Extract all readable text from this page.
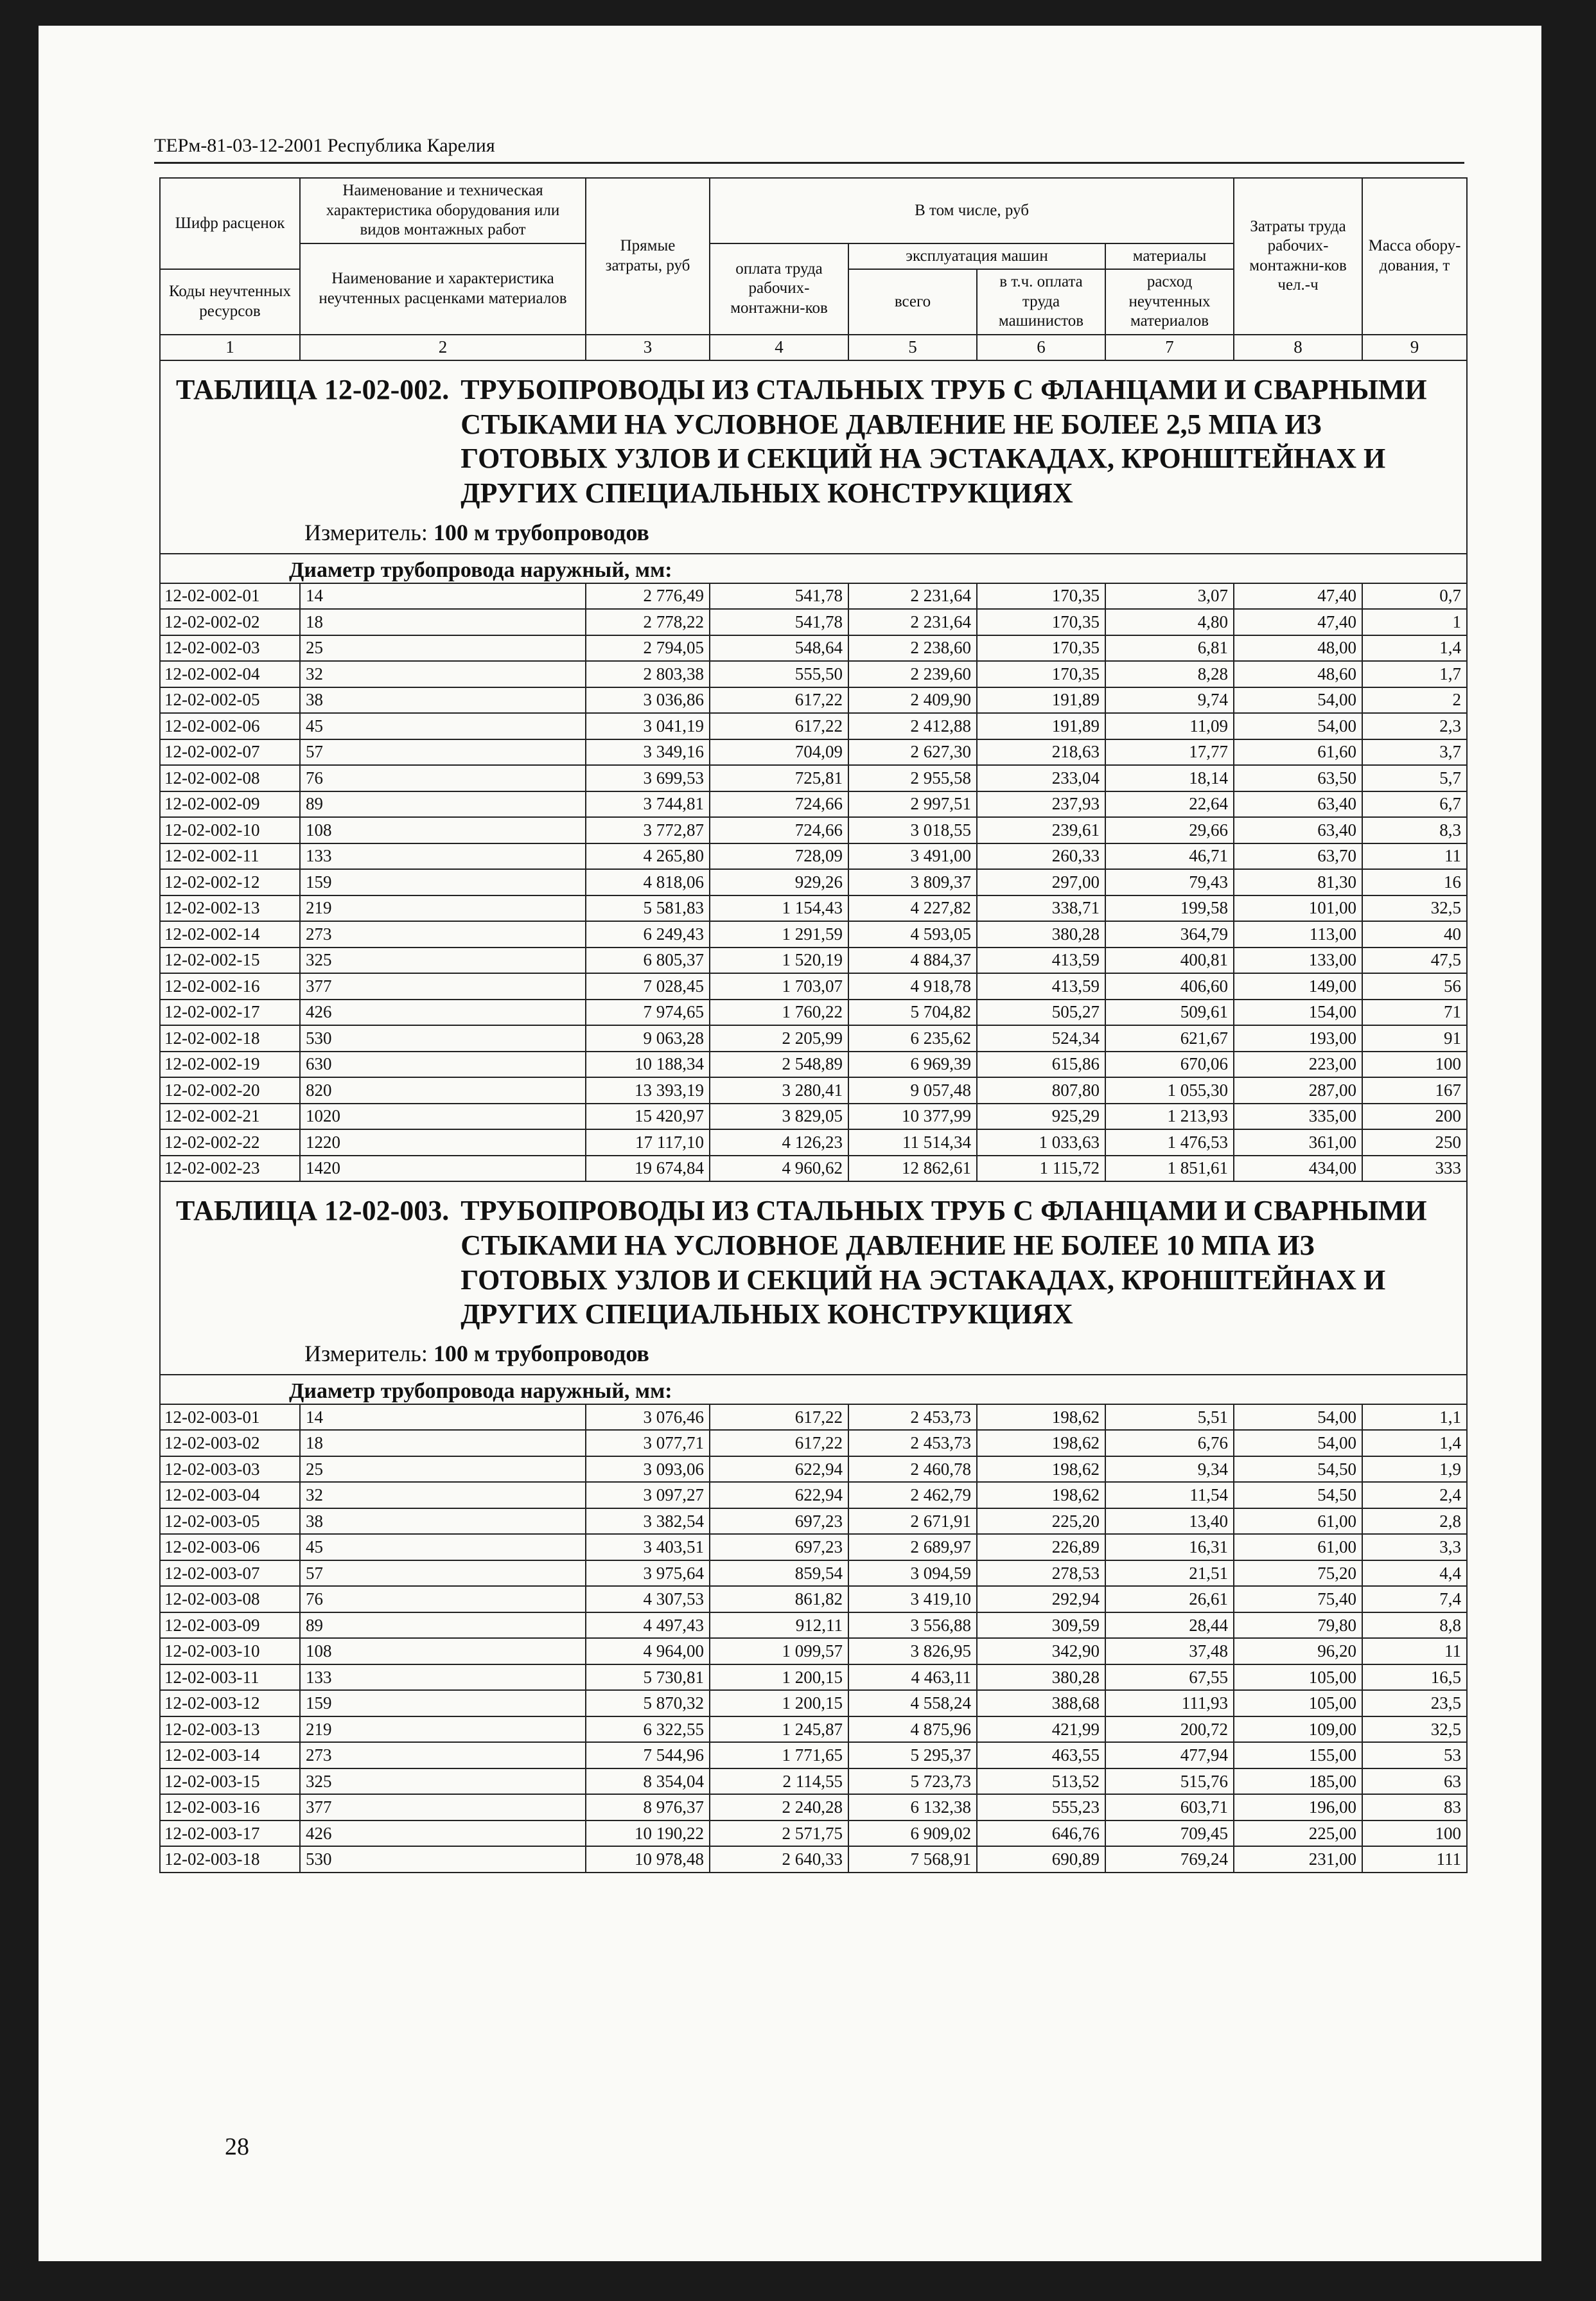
ТЕРм-81-03-12-2001 Республика Карелия
Шифр расценок	Наименование и техническая характеристика оборудования или видов монтажных работ	Прямые затраты, руб	В том числе, руб				Затраты труда рабочих-монтажни-ков чел.-ч	Масса обору-дования, т	
	Наименование и характеристика неучтенных расценками материалов		оплата труда рабочих-монтажни-ков	эксплуатация машин		материалы			
Коды неучтенных ресурсов				всего	в т.ч. оплата труда машинистов	расход неучтенных материалов			

1	2	3	4	5	6	7	8	9	

ТАБЛИЦА 12-02-002. ТРУБОПРОВОДЫ ИЗ СТАЛЬНЫХ ТРУБ С ФЛАНЦАМИ И СВАРНЫМИ СТЫКАМИ НА УСЛОВНОЕ ДАВЛЕНИЕ НЕ БОЛЕЕ 2,5 МПА ИЗ ГОТОВЫХ УЗЛОВ И СЕКЦИЙ НА ЭСТАКАДАХ, КРОНШТЕЙНАХ И ДРУГИХ СПЕЦИАЛЬНЫХ КОНСТРУКЦИЯХ
Измеритель: 100 м трубопроводов									

Диаметр трубопровода наружный, мм:									
12-02-002-01	14	2 776,49	541,78	2 231,64	170,35	3,07	47,40	0,7	
12-02-002-02	18	2 778,22	541,78	2 231,64	170,35	4,80	47,40	1	
12-02-002-03	25	2 794,05	548,64	2 238,60	170,35	6,81	48,00	1,4	
12-02-002-04	32	2 803,38	555,50	2 239,60	170,35	8,28	48,60	1,7	
12-02-002-05	38	3 036,86	617,22	2 409,90	191,89	9,74	54,00	2	
12-02-002-06	45	3 041,19	617,22	2 412,88	191,89	11,09	54,00	2,3	
12-02-002-07	57	3 349,16	704,09	2 627,30	218,63	17,77	61,60	3,7	
12-02-002-08	76	3 699,53	725,81	2 955,58	233,04	18,14	63,50	5,7	
12-02-002-09	89	3 744,81	724,66	2 997,51	237,93	22,64	63,40	6,7	
12-02-002-10	108	3 772,87	724,66	3 018,55	239,61	29,66	63,40	8,3	
12-02-002-11	133	4 265,80	728,09	3 491,00	260,33	46,71	63,70	11	
12-02-002-12	159	4 818,06	929,26	3 809,37	297,00	79,43	81,30	16	
12-02-002-13	219	5 581,83	1 154,43	4 227,82	338,71	199,58	101,00	32,5	
12-02-002-14	273	6 249,43	1 291,59	4 593,05	380,28	364,79	113,00	40	
12-02-002-15	325	6 805,37	1 520,19	4 884,37	413,59	400,81	133,00	47,5	
12-02-002-16	377	7 028,45	1 703,07	4 918,78	413,59	406,60	149,00	56	
12-02-002-17	426	7 974,65	1 760,22	5 704,82	505,27	509,61	154,00	71	
12-02-002-18	530	9 063,28	2 205,99	6 235,62	524,34	621,67	193,00	91	
12-02-002-19	630	10 188,34	2 548,89	6 969,39	615,86	670,06	223,00	100	
12-02-002-20	820	13 393,19	3 280,41	9 057,48	807,80	1 055,30	287,00	167	
12-02-002-21	1020	15 420,97	3 829,05	10 377,99	925,29	1 213,93	335,00	200	
12-02-002-22	1220	17 117,10	4 126,23	11 514,34	1 033,63	1 476,53	361,00	250	
12-02-002-23	1420	19 674,84	4 960,62	12 862,61	1 115,72	1 851,61	434,00	333	

ТАБЛИЦА 12-02-003. ТРУБОПРОВОДЫ ИЗ СТАЛЬНЫХ ТРУБ С ФЛАНЦАМИ И СВАРНЫМИ СТЫКАМИ НА УСЛОВНОЕ ДАВЛЕНИЕ НЕ БОЛЕЕ 10 МПА ИЗ ГОТОВЫХ УЗЛОВ И СЕКЦИЙ НА ЭСТАКАДАХ, КРОНШТЕЙНАХ И ДРУГИХ СПЕЦИАЛЬНЫХ КОНСТРУКЦИЯХ
Измеритель: 100 м трубопроводов									

Диаметр трубопровода наружный, мм:									
12-02-003-01	14	3 076,46	617,22	2 453,73	198,62	5,51	54,00	1,1	
12-02-003-02	18	3 077,71	617,22	2 453,73	198,62	6,76	54,00	1,4	
12-02-003-03	25	3 093,06	622,94	2 460,78	198,62	9,34	54,50	1,9	
12-02-003-04	32	3 097,27	622,94	2 462,79	198,62	11,54	54,50	2,4	
12-02-003-05	38	3 382,54	697,23	2 671,91	225,20	13,40	61,00	2,8	
12-02-003-06	45	3 403,51	697,23	2 689,97	226,89	16,31	61,00	3,3	
12-02-003-07	57	3 975,64	859,54	3 094,59	278,53	21,51	75,20	4,4	
12-02-003-08	76	4 307,53	861,82	3 419,10	292,94	26,61	75,40	7,4	
12-02-003-09	89	4 497,43	912,11	3 556,88	309,59	28,44	79,80	8,8	
12-02-003-10	108	4 964,00	1 099,57	3 826,95	342,90	37,48	96,20	11	
12-02-003-11	133	5 730,81	1 200,15	4 463,11	380,28	67,55	105,00	16,5	
12-02-003-12	159	5 870,32	1 200,15	4 558,24	388,68	111,93	105,00	23,5	
12-02-003-13	219	6 322,55	1 245,87	4 875,96	421,99	200,72	109,00	32,5	
12-02-003-14	273	7 544,96	1 771,65	5 295,37	463,55	477,94	155,00	53	
12-02-003-15	325	8 354,04	2 114,55	5 723,73	513,52	515,76	185,00	63	
12-02-003-16	377	8 976,37	2 240,28	6 132,38	555,23	603,71	196,00	83	
12-02-003-17	426	10 190,22	2 571,75	6 909,02	646,76	709,45	225,00	100	
12-02-003-18	530	10 978,48	2 640,33	7 568,91	690,89	769,24	231,00	111	
28
